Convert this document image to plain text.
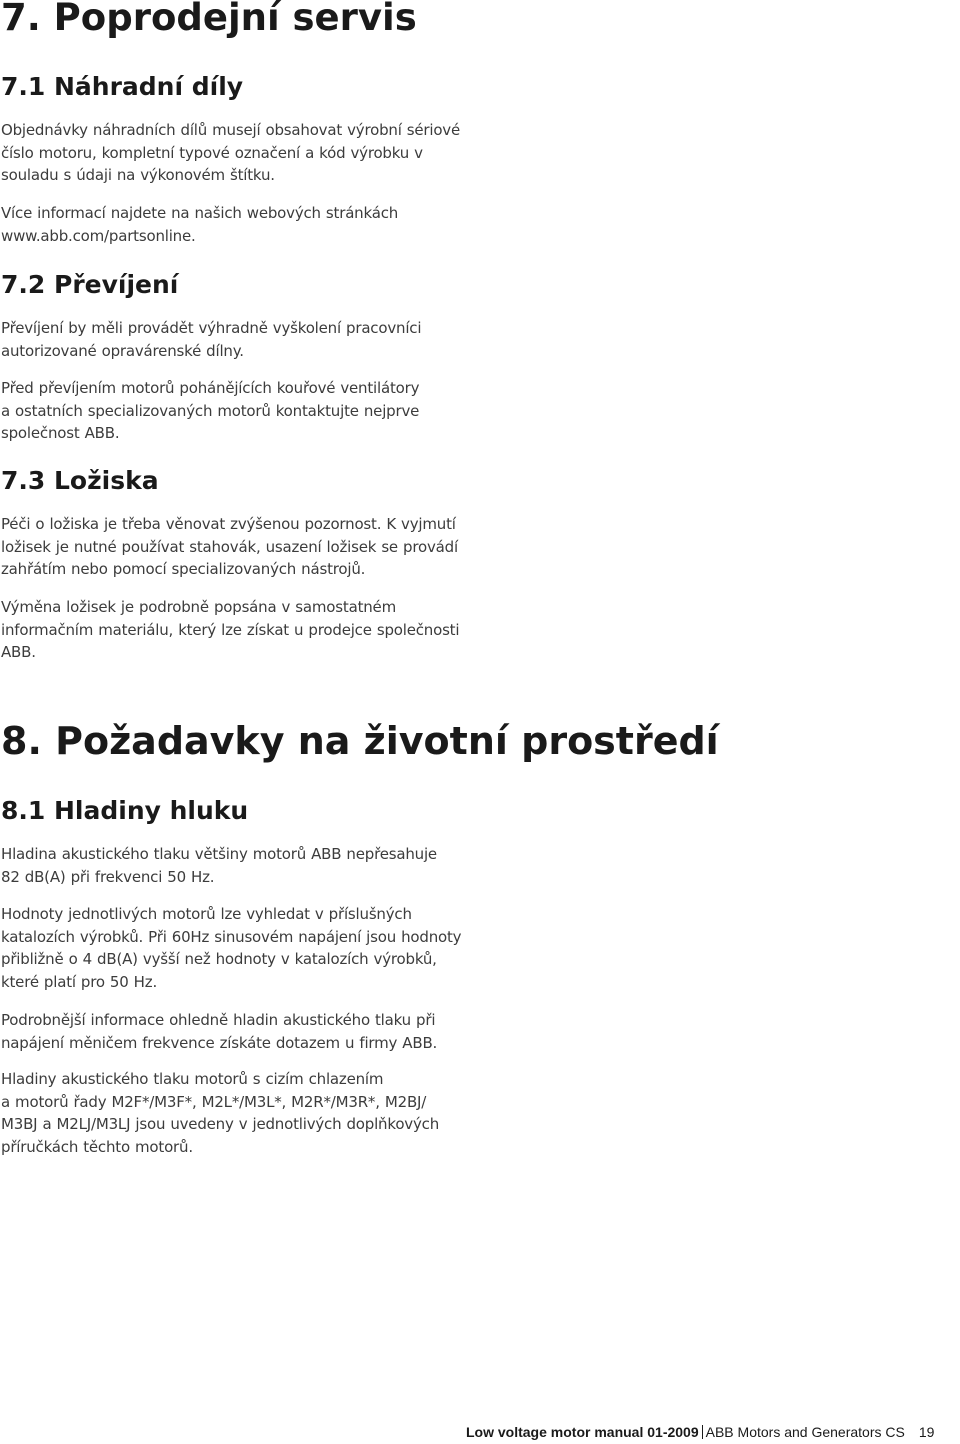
7. Poprodejní servis
7.1 Náhradní díly

Objednávky náhradních dílů musejí obsahovat výrobní sériové
číslo motoru, kompletní typové označení a kód výrobku v
souladu s údaji na výkonovém štítku.

Více informací najdete na našich webových stránkách
www.abb.com/partsonline.

7.2 Převíjení

Převíjení by měli provádět výhradně vyškolení pracovníci
autorizované opravárenské dílny.

Před převíjením motorů pohánějících kouřové ventilátory
a ostatních specializovaných motorů kontaktujte nejprve
společnost ABB.

7.3 Ložiska

Péči o ložiska je třeba věnovat zvýšenou pozornost. K vyjmutí
ložisek je nutné používat stahovák, usazení ložisek se provádí
zahřátím nebo pomocí specializovaných nástrojů.

Výměna ložisek je podrobně popsána v samostatném
informačním materiálu, který lze získat u prodejce společnosti
ABB.

8. Požadavky na životní prostředí
8.1 Hladiny hluku

Hladina akustického tlaku většiny motorů ABB nepřesahuje
82 dB(A) při frekvenci 50 Hz.

Hodnoty jednotlivých motorů lze vyhledat v příslušných
katalozích výrobků. Při 60Hz sinusovém napájení jsou hodnoty
přibližně o 4 dB(A) vyšší než hodnoty v katalozích výrobků,
které platí pro 50 Hz.

Podrobnější informace ohledně hladin akustického tlaku při
napájení měničem frekvence získáte dotazem u firmy ABB.

Hladiny akustického tlaku motorů s cizím chlazením
a motorů řady M2F*/M3F*, M2L*/M3L*, M2R*/M3R*, M2BJ/
M3BJ a M2LJ/M3LJ jsou uvedeny v jednotlivých doplňkových
příručkách těchto motorů.

Low voltage motor manual 01-2009 ABB Motors and Generators CS 19
